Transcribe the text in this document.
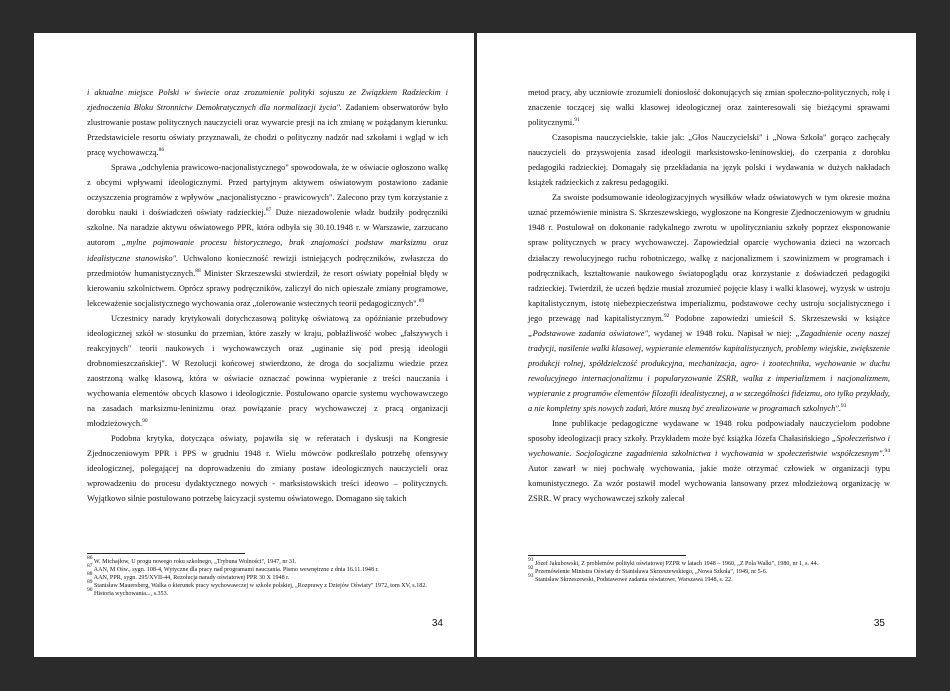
i aktualne miejsce Polski w świecie oraz zrozumienie polityki sojuszu ze Związkiem Radzieckim i zjednoczenia Bloku Stronnictw Demokratycznych dla normalizacji życia". Zadaniem obserwatorów było zlustrowanie postaw politycznych nauczycieli oraz wywarcie presji na ich zmianę w pożądanym kierunku. Przedstawiciele resortu oświaty przyznawali, że chodzi o polityczny nadzór nad szkołami i wgląd w ich pracę wychowawczą.$^{86}$

Sprawa „odchylenia prawicowo-nacjonalistycznego" spowodowała, że w oświacie ogłoszono walkę z obcymi wpływami ideologicznymi. Przed partyjnym aktywem oświatowym postawiono zadanie oczyszczenia programów z wpływów „nacjonalistyczno - prawicowych". Zalecono przy tym korzystanie z dorobku nauki i doświadczeń oświaty radzieckiej.$^{87}$ Duże niezadowolenie władz budziły podręczniki szkolne. Na naradzie aktywu oświatowego PPR, która odbyła się 30.10.1948 r. w Warszawie, zarzucano autorom „mylne pojmowanie procesu historycznego, brak znajomości podstaw marksizmu oraz idealistyczne stanowisko". Uchwalono konieczność rewizji istniejących podręczników, zwłaszcza do przedmiotów humanistycznych.$^{88}$ Minister Skrzeszewski stwierdził, że resort oświaty popełniał błędy w kierowaniu szkolnictwem. Oprócz sprawy podręczników, zaliczył do nich opieszałe zmiany programowe, lekceważenie socjalistycznego wychowania oraz „tolerowanie wstecznych teorii pedagogicznych".$^{89}$

Uczestnicy narady krytykowali dotychczasową politykę oświatową za opóźnianie przebudowy ideologicznej szkół w stosunku do przemian, które zaszły w kraju, pobłażliwość wobec „fałszywych i reakcyjnych" teorii naukowych i wychowawczych oraz „uginanie się pod presją ideologii drobnomieszczańskiej". W Rezolucji końcowej stwierdzono, że droga do socjalizmu wiedzie przez zaostrzoną walkę klasową, która w oświacie oznaczać powinna wypieranie z treści nauczania i wychowania elementów obcych klasowo i ideologicznie. Postulowano oparcie systemu wychowawczego na zasadach marksizmu-leninizmu oraz powiązanie pracy wychowawczej z pracą organizacji młodzieżowych.$^{90}$

Podobna krytyka, dotycząca oświaty, pojawiła się w referatach i dyskusji na Kongresie Zjednoczeniowym PPR i PPS w grudniu 1948 r. Wielu mówców podkreślało potrzebę ofensywy ideologicznej, polegającej na doprowadzeniu do zmiany postaw ideologicznych nauczycieli oraz wprowadzeniu do procesu dydaktycznego nowych - marksistowskich treści ideowo – politycznych. Wyjątkowo silnie postulowano potrzebę laicyzacji systemu oświatowego. Domagano się takich

$^{86}$ W. Michajłow, U progu nowego roku szkolnego, „Trybuna Wolności", 1947, nr 31.
$^{87}$ AAN, M Ośw., sygn. 108-4, Wytyczne dla pracy nad programami nauczania. Pismo wewnętrzne z dnia 16.11.1948 r.
$^{88}$ AAN, PPR, sygn. 295/XVII-44, Rezolucja narady oświatowej PPR 30 X 1948 r.
$^{89}$ Stanisław Mauersberg, Walka o kierunek pracy wychowawczej w szkole polskiej, „Rozprawy z Dziejów Oświaty" 1972, tom XV, s.182.
$^{90}$ Historia wychowania..., s.353.
34

metod pracy, aby uczniowie zrozumieli doniosłość dokonujących się zmian społeczno-politycznych, rolę i znaczenie toczącej się walki klasowej ideologicznej oraz zainteresowali się bieżącymi sprawami politycznymi.$^{91}$

Czasopisma nauczycielskie, takie jak: „Głos Nauczycielski" i „Nowa Szkoła" gorąco zachęcały nauczycieli do przyswojenia zasad ideologii marksistowsko-leninowskiej, do czerpania z dorobku pedagogiki radzieckiej. Domagały się przekładania na język polski i wydawania w dużych nakładach książek radzieckich z zakresu pedagogiki.

Za swoiste podsumowanie ideologizacyjnych wysiłków władz oświatowych w tym okresie można uznać przemówienie ministra S. Skrzeszewskiego, wygłoszone na Kongresie Zjednoczeniowym w grudniu 1948 r. Postulował on dokonanie radykalnego zwrotu w upolitycznianiu szkoły poprzez eksponowanie spraw politycznych w pracy wychowawczej. Zapowiedział oparcie wychowania dzieci na wzorcach działaczy rewolucyjnego ruchu robotniczego, walkę z nacjonalizmem i szowinizmem w programach i podręcznikach, kształtowanie naukowego światopoglądu oraz korzystanie z doświadczeń pedagogiki radzieckiej. Twierdził, że uczeń będzie musiał zrozumieć pojęcie klasy i walki klasowej, wyzysk w ustroju kapitalistycznym, istotę niebezpieczeństwa imperializmu, podstawowe cechy ustroju socjalistycznego i jego przewagę nad kapitalistycznym.$^{92}$ Podobne zapowiedzi umieścił S. Skrzeszewski w książce „Podstawowe zadania oświatowe", wydanej w 1948 roku. Napisał w niej: „Zagadnienie oceny naszej tradycji, nasilenie walki klasowej, wypieranie elementów kapitalistycznych, problemy wiejskie, zwiększenie produkcji rolnej, spółdzielczość produkcyjna, mechanizacja, agro- i zootechnika, wychowanie w duchu rewolucyjnego internacjonalizmu i popularyzowanie ZSRR, walka z imperializmem i nacjonalizmem, wypieranie z programów elementów filozofii idealistycznej, a w szczególności fideizmu, oto tylko przykłady, a nie kompletny spis nowych zadań, które muszą być zrealizowane w programach szkolnych".$^{93}$

Inne publikacje pedagogiczne wydawane w 1948 roku podpowiadały nauczycielom podobne sposoby ideologizacji pracy szkoły. Przykładem może być książka Józefa Chałasińskiego „Społeczeństwo i wychowanie. Socjologiczne zagadnienia szkolnictwa i wychowania w społeczeństwie współczesnym".$^{94}$ Autor zawarł w niej pochwałę wychowania, jakie może otrzymać człowiek w organizacji typu komunistycznego. Za wzór postawił model wychowania lansowany przez młodzieżową organizację w ZSRR. W pracy wychowawczej szkoły zalecał

$^{91}$ Józef Jakubowski, Z problemów polityki oświatowej PZPR w latach 1948 – 1960, „Z Pola Walki", 1980, nr 1, s. 44.
$^{92}$ Przemówienie Ministra Oświaty dr Stanisława Skrzeszewskiego, „Nowa Szkoła", 1949, nr 5-6.
$^{93}$ Stanisław Skrzeszewski, Podstawowe zadania oświatowe, Warszawa 1948, s. 22.
35
